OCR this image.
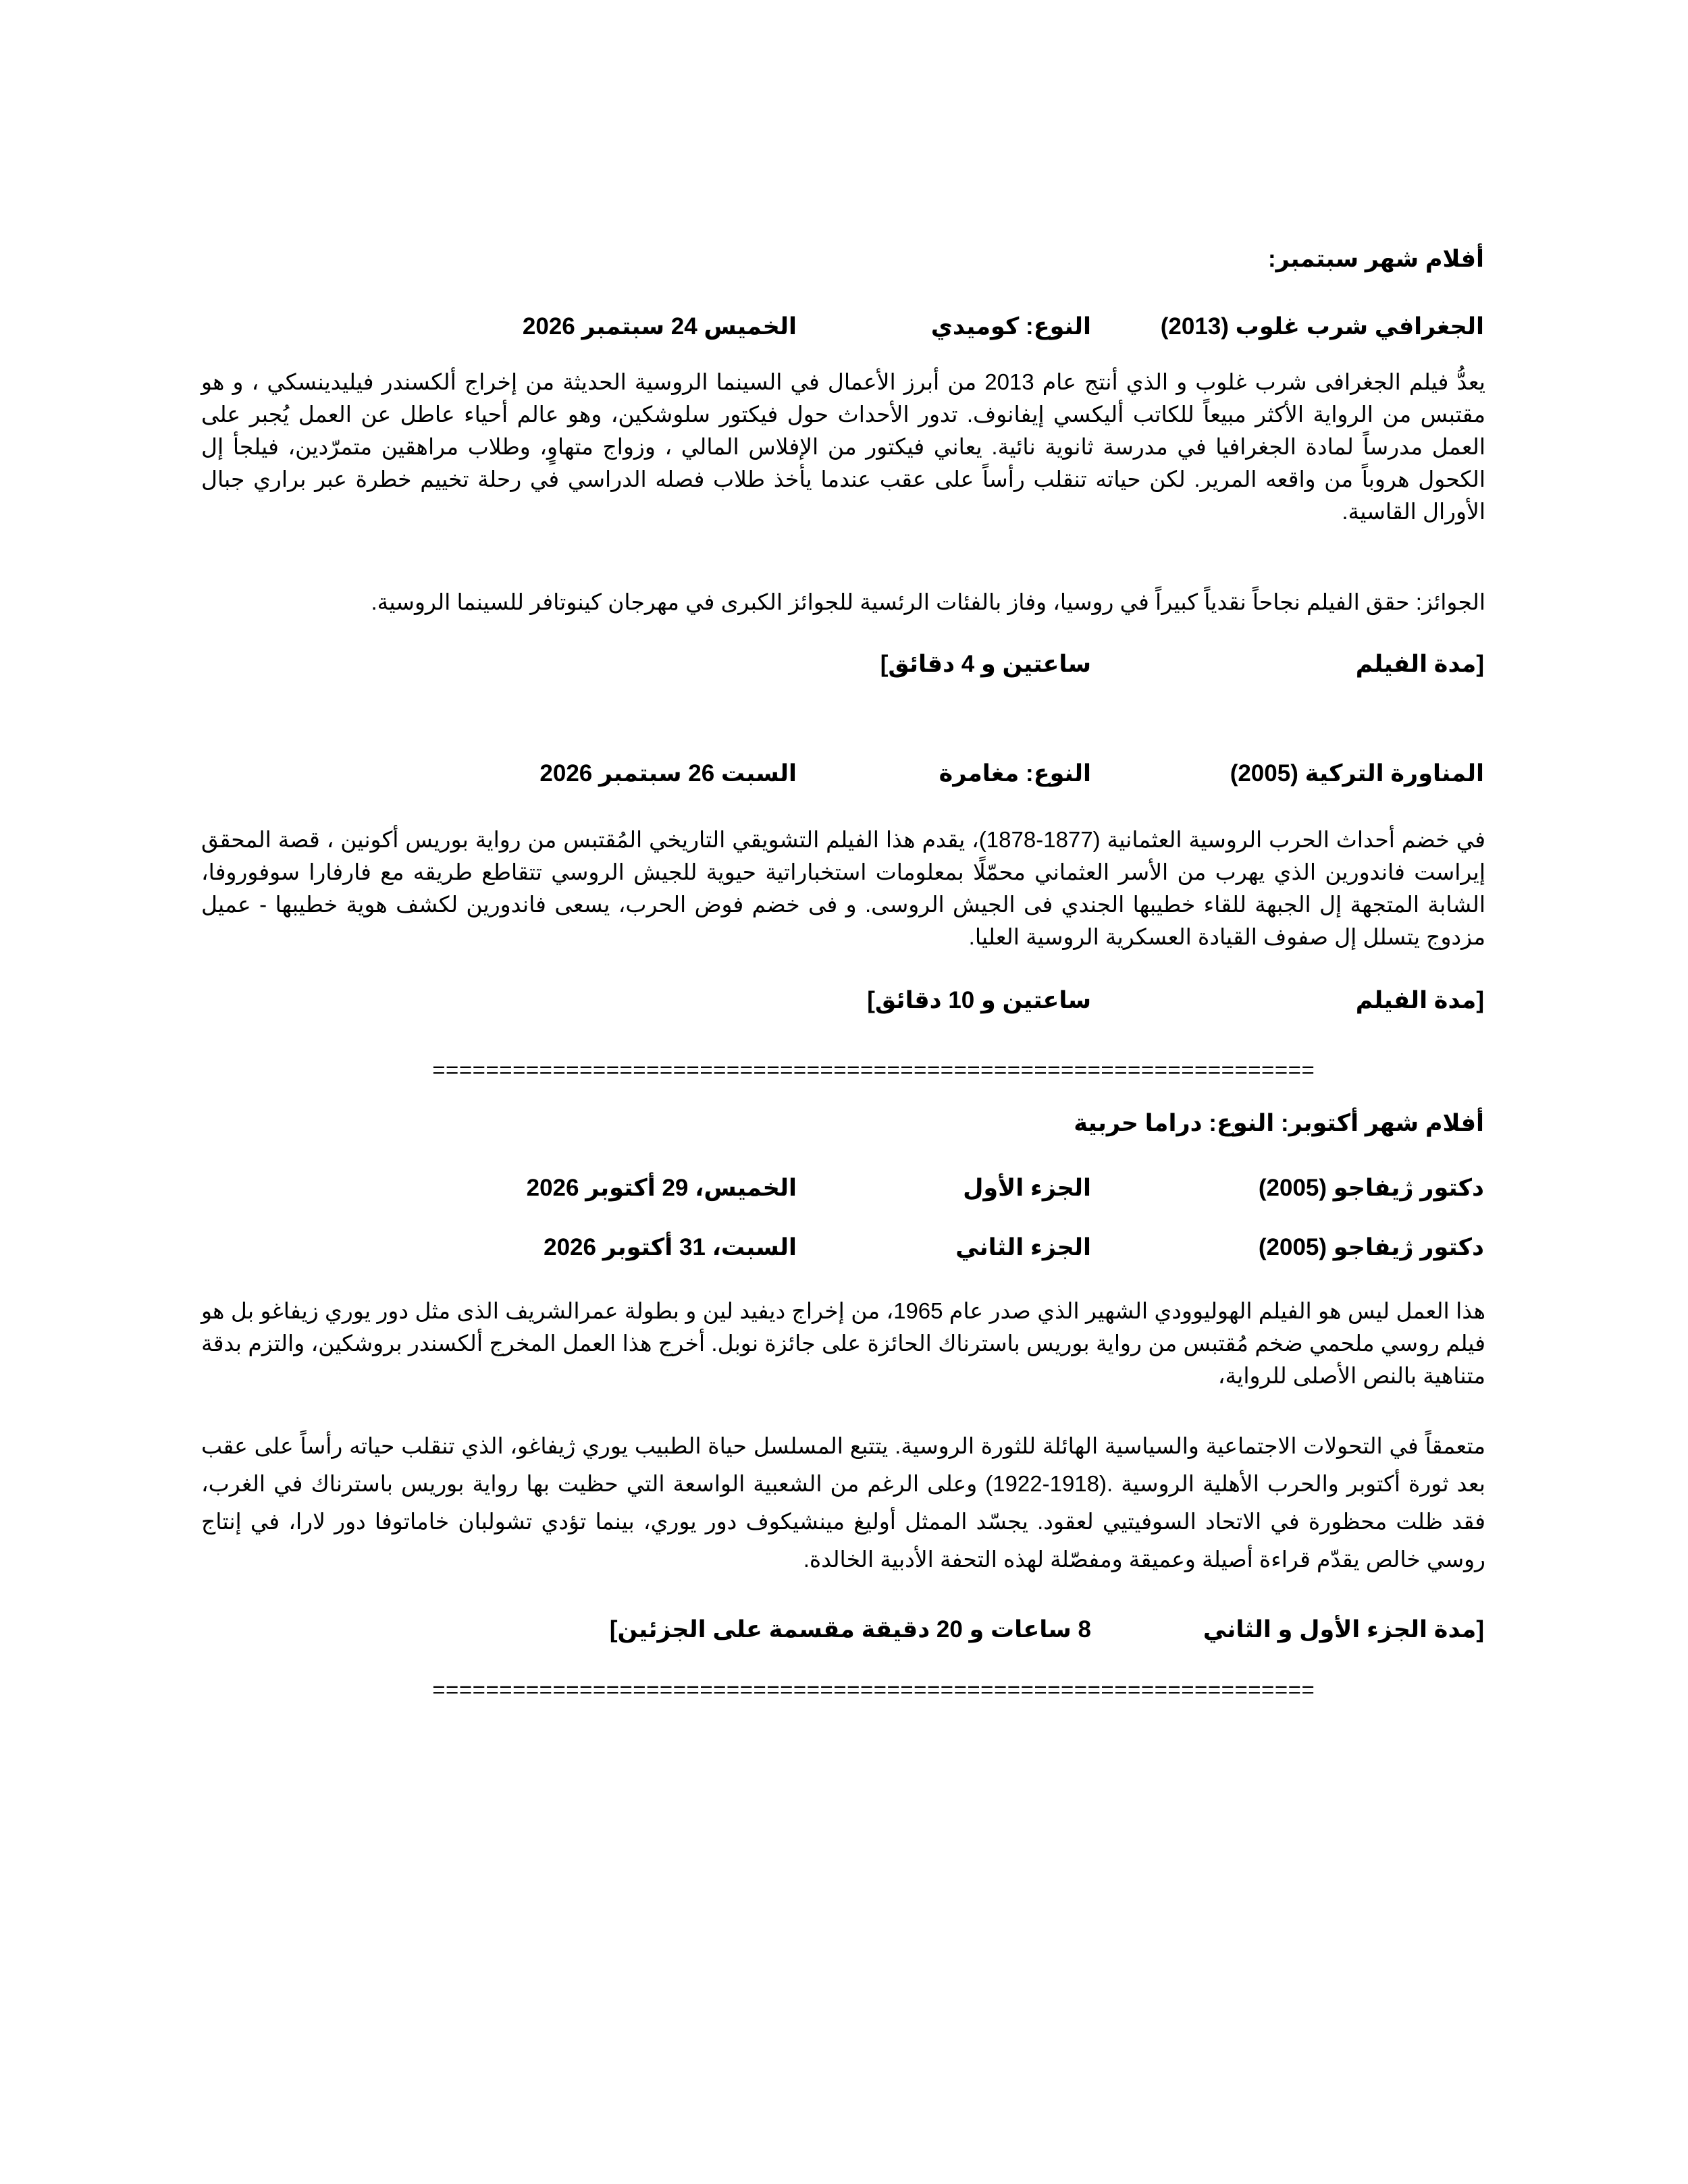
أفلام شهر سبتمبر:
الجغرافي شرب غلوب (2013)
النوع: كوميدي
الخميس 24 سبتمبر 2026
يعدُّ فيلم الجغرافى شرب غلوب و الذي أنتج عام 2013 من أبرز الأعمال في السينما الروسية الحديثة من إخراج ألكسندر فيليدينسكي ، و هو مقتبس من الرواية الأكثر مبيعاً للكاتب أليكسي إيفانوف. تدور الأحداث حول فيكتور سلوشكين، وهو عالم أحياء عاطل عن العمل يُجبر على العمل مدرساً لمادة الجغرافيا في مدرسة ثانوية نائية. يعاني فيكتور من الإفلاس المالي ، وزواج متهاوٍ، وطلاب مراهقين متمرّدين، فيلجأ إل الكحول هروباً من واقعه المرير. لكن حياته تنقلب رأساً على عقب عندما يأخذ طلاب فصله الدراسي في رحلة تخييم خطرة عبر براري جبال الأورال القاسية.
الجوائز: حقق الفيلم نجاحاً نقدياً كبيراً في روسيا، وفاز بالفئات الرئسية للجوائز الكبرى في مهرجان كينوتافر للسينما الروسية.
[مدة الفيلم
ساعتين و 4 دقائق]
المناورة التركية (2005)
النوع: مغامرة
السبت 26 سبتمبر 2026
في خضم أحداث الحرب الروسية العثمانية (1877-1878)، يقدم هذا الفيلم التشويقي التاريخي المُقتبس من رواية بوريس أكونين ، قصة المحقق إيراست فاندورين الذي يهرب من الأسر العثماني محمّلًا بمعلومات استخباراتية حيوية للجيش الروسي تتقاطع طريقه مع فارفارا سوفوروفا، الشابة المتجهة إل الجبهة للقاء خطيبها الجندي فى الجيش الروسى. و فى خضم فوض الحرب، يسعى فاندورين لكشف هوية خطيبها - عميل مزدوج يتسلل إل صفوف القيادة العسكرية الروسية العليا.
[مدة الفيلم
ساعتين و 10 دقائق]
==================================================================
أفلام شهر أكتوبر: النوع: دراما حربية
دكتور ژيفاجو (2005)
الجزء الأول
الخميس، 29 أكتوبر 2026
دكتور ژيفاجو (2005)
الجزء الثاني
السبت، 31 أكتوبر 2026
هذا العمل ليس هو الفيلم الهوليوودي الشهير الذي صدر عام 1965، من إخراج ديفيد لين و بطولة عمرالشريف الذى مثل دور يوري زيفاغو بل هو فيلم روسي ملحمي ضخم مُقتبس من رواية بوريس باسترناك الحائزة على جائزة نوبل. أخرج هذا العمل المخرج ألكسندر بروشكين، والتزم بدقة متناهية بالنص الأصلى للرواية،
متعمقاً في التحولات الاجتماعية والسياسية الهائلة للثورة الروسية. يتتبع المسلسل حياة الطبيب يوري ژيفاغو، الذي تنقلب حياته رأساً على عقب بعد ثورة أكتوبر والحرب الأهلية الروسية .(1918-1922) وعلى الرغم من الشعبية الواسعة التي حظيت بها رواية بوريس باسترناك في الغرب، فقد ظلت محظورة في الاتحاد السوفيتيي لعقود. يجسّد الممثل أوليغ مينشيكوف دور يوري، بينما تؤدي تشولبان خاماتوفا دور لارا، في إنتاج روسي خالص يقدّم قراءة أصيلة وعميقة ومفصّلة لهذه التحفة الأدبية الخالدة.
[مدة الجزء الأول و الثاني
8 ساعات و 20 دقيقة مقسمة على الجزئين]
==================================================================
